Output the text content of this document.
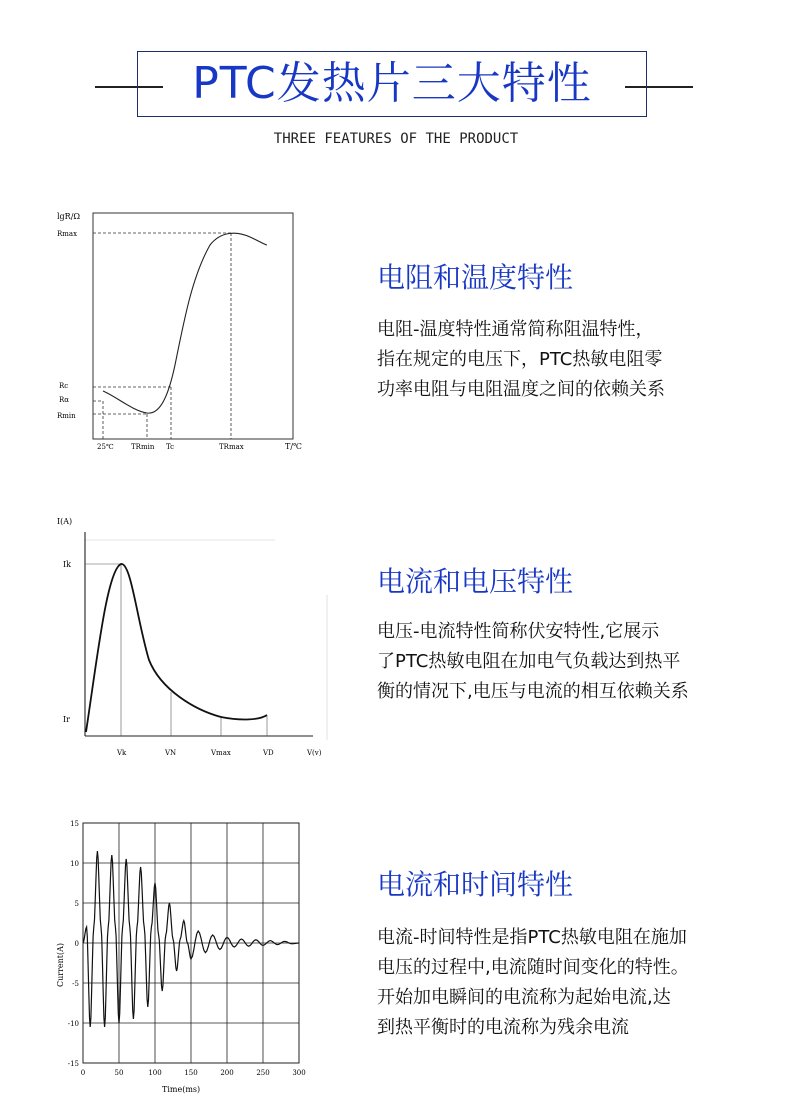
PTC发热片三大特性
THREE FEATURES OF THE PRODUCT
lgR/Ω
Rmax
Rc
Rα
Rmin
25℃ TRmin Tc	TRmax	T/℃
电阻和温度特性
电阻-温度特性通常简称阻温特性，
指在规定的电压下，PTC热敏电阻零
功率电阻与电阻温度之间的依赖关系
I(A)
Ik
Ir
Vk	VN	Vmax	VD	V(v)
电流和电压特性
电压-电流特性简称伏安特性,它展示
了PTC热敏电阻在加电气负载达到热平
衡的情况下,电压与电流的相互依赖关系
0	50	100	150	200	250	300
15
10
5
0
-5
-10
-15
Time(ms)
Current(A)
电流和时间特性
电流-时间特性是指PTC热敏电阻在施加
电压的过程中,电流随时间变化的特性。
开始加电瞬间的电流称为起始电流,达
到热平衡时的电流称为残余电流
